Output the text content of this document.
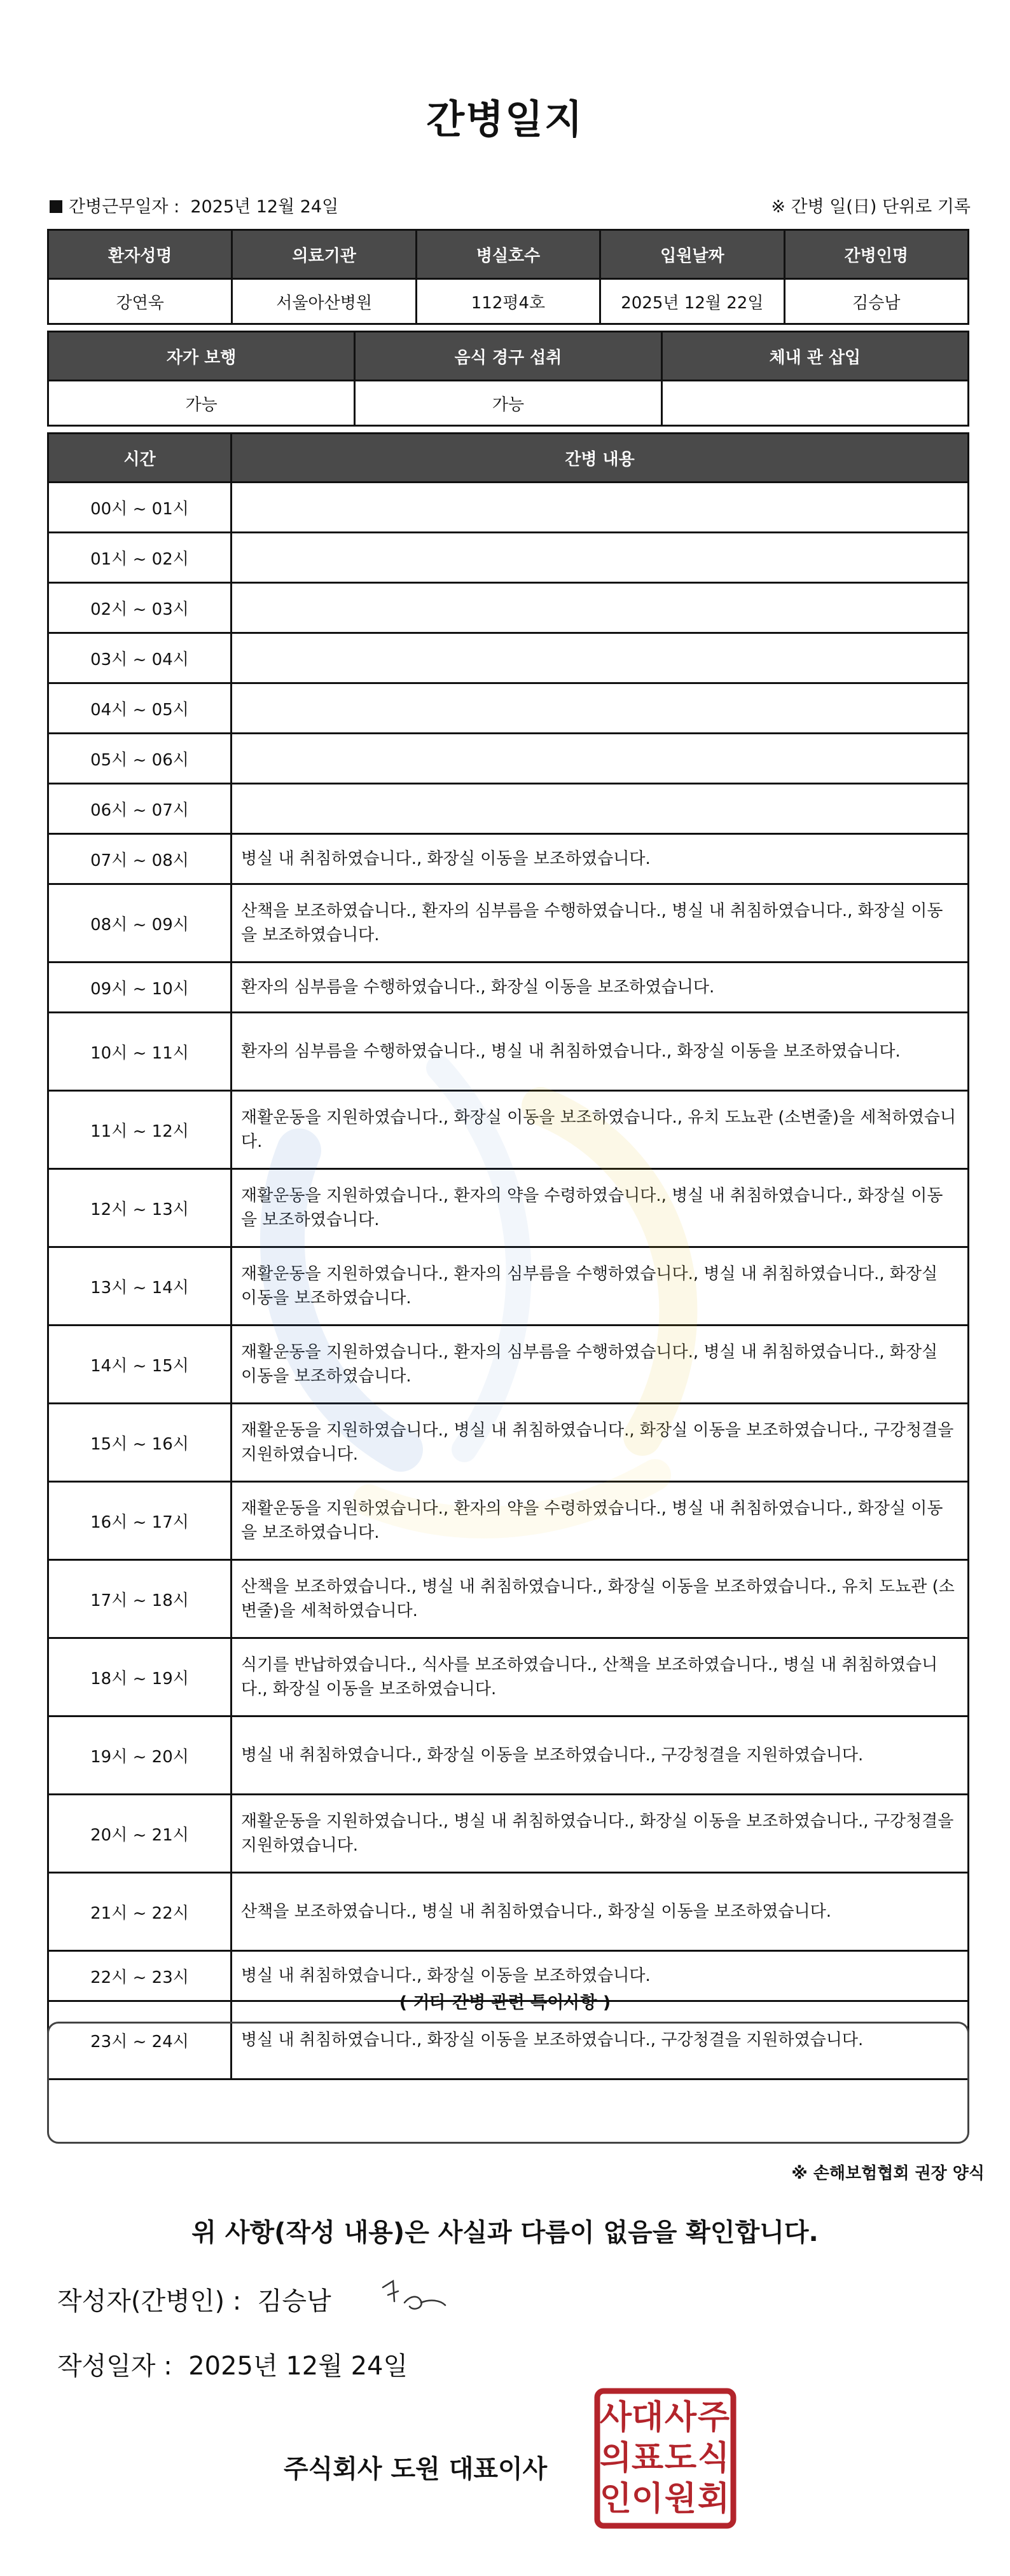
간병일지
간병근무일자 : 2025년 12월 24일	※ 간병 일(日) 단위로 기록
환자성명	의료기관	병실호수	입원날짜	간병인명
강연욱	서울아산병원	112평4호	2025년 12월 22일	김승남
자가 보행	음식 경구 섭취	체내 관 삽입
가능	가능	
시간	간병 내용
00시 ~ 01시	
01시 ~ 02시	
02시 ~ 03시	
03시 ~ 04시	
04시 ~ 05시	
05시 ~ 06시	
06시 ~ 07시	
07시 ~ 08시	병실 내 취침하였습니다., 화장실 이동을 보조하였습니다.
08시 ~ 09시	산책을 보조하였습니다., 환자의 심부름을 수행하였습니다., 병실 내 취침하였습니다., 화장실 이동을 보조하였습니다.
09시 ~ 10시	환자의 심부름을 수행하였습니다., 화장실 이동을 보조하였습니다.
10시 ~ 11시	환자의 심부름을 수행하였습니다., 병실 내 취침하였습니다., 화장실 이동을 보조하였습니다.
11시 ~ 12시	재활운동을 지원하였습니다., 화장실 이동을 보조하였습니다., 유치 도뇨관 (소변줄)을 세척하였습니다.
12시 ~ 13시	재활운동을 지원하였습니다., 환자의 약을 수령하였습니다., 병실 내 취침하였습니다., 화장실 이동을 보조하였습니다.
13시 ~ 14시	재활운동을 지원하였습니다., 환자의 심부름을 수행하였습니다., 병실 내 취침하였습니다., 화장실 이동을 보조하였습니다.
14시 ~ 15시	재활운동을 지원하였습니다., 환자의 심부름을 수행하였습니다., 병실 내 취침하였습니다., 화장실 이동을 보조하였습니다.
15시 ~ 16시	재활운동을 지원하였습니다., 병실 내 취침하였습니다., 화장실 이동을 보조하였습니다., 구강청결을 지원하였습니다.
16시 ~ 17시	재활운동을 지원하였습니다., 환자의 약을 수령하였습니다., 병실 내 취침하였습니다., 화장실 이동을 보조하였습니다.
17시 ~ 18시	산책을 보조하였습니다., 병실 내 취침하였습니다., 화장실 이동을 보조하였습니다., 유치 도뇨관 (소변줄)을 세척하였습니다.
18시 ~ 19시	식기를 반납하였습니다., 식사를 보조하였습니다., 산책을 보조하였습니다., 병실 내 취침하였습니다., 화장실 이동을 보조하였습니다.
19시 ~ 20시	병실 내 취침하였습니다., 화장실 이동을 보조하였습니다., 구강청결을 지원하였습니다.
20시 ~ 21시	재활운동을 지원하였습니다., 병실 내 취침하였습니다., 화장실 이동을 보조하였습니다., 구강청결을 지원하였습니다.
21시 ~ 22시	산책을 보조하였습니다., 병실 내 취침하였습니다., 화장실 이동을 보조하였습니다.
22시 ~ 23시	병실 내 취침하였습니다., 화장실 이동을 보조하였습니다.
23시 ~ 24시	병실 내 취침하였습니다., 화장실 이동을 보조하였습니다., 구강청결을 지원하였습니다.
( 기타 간병 관련 특이사항 )
※ 손해보험협회 권장 양식
위 사항(작성 내용)은 사실과 다름이 없음을 확인합니다.
작성자(간병인) : 김승남
작성일자 : 2025년 12월 24일
주식회사 도원 대표이사
주
식
회
사
도
원
대
표
이
사
의
인
